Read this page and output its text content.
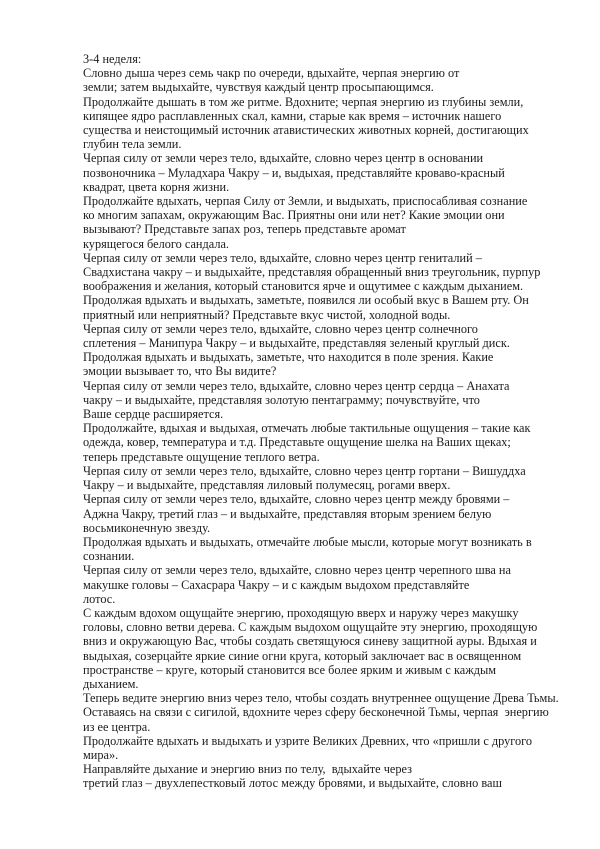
3-4 неделя:
Словно дыша через семь чакр по очереди, вдыхайте, черпая энергию от
земли; затем выдыхайте, чувствуя каждый центр просыпающимся.
Продолжайте дышать в том же ритме. Вдохните; черпая энергию из глубины земли,
кипящее ядро расплавленных скал, камни, старые как время – источник нашего
существа и неистощимый источник атавистических животных корней, достигающих
глубин тела земли.
Черпая силу от земли через тело, вдыхайте, словно через центр в основании
позвоночника – Муладхара Чакру – и, выдыхая, представляйте кроваво-красный
квадрат, цвета корня жизни.
Продолжайте вдыхать, черпая Силу от Земли, и выдыхать, приспосабливая сознание
ко многим запахам, окружающим Вас. Приятны они или нет? Какие эмоции они
вызывают? Представьте запах роз, теперь представьте аромат
курящегося белого сандала.
Черпая силу от земли через тело, вдыхайте, словно через центр гениталий –
Свадхистана чакру – и выдыхайте, представляя обращенный вниз треугольник, пурпур
воображения и желания, который становится ярче и ощутимее с каждым дыханием.
Продолжая вдыхать и выдыхать, заметьте, появился ли особый вкус в Вашем рту. Он
приятный или неприятный? Представьте вкус чистой, холодной воды.
Черпая силу от земли через тело, вдыхайте, словно через центр солнечного
сплетения – Манипура Чакру – и выдыхайте, представляя зеленый круглый диск.
Продолжая вдыхать и выдыхать, заметьте, что находится в поле зрения. Какие
эмоции вызывает то, что Вы видите?
Черпая силу от земли через тело, вдыхайте, словно через центр сердца – Анахата
чакру – и выдыхайте, представляя золотую пентаграмму; почувствуйте, что
Ваше сердце расширяется.
Продолжайте, вдыхая и выдыхая, отмечать любые тактильные ощущения – такие как
одежда, ковер, температура и т.д. Представьте ощущение шелка на Ваших щеках;
теперь представьте ощущение теплого ветра.
Черпая силу от земли через тело, вдыхайте, словно через центр гортани – Вишуддха
Чакру – и выдыхайте, представляя лиловый полумесяц, рогами вверх.
Черпая силу от земли через тело, вдыхайте, словно через центр между бровями –
Аджна Чакру, третий глаз – и выдыхайте, представляя вторым зрением белую
восьмиконечную звезду.
Продолжая вдыхать и выдыхать, отмечайте любые мысли, которые могут возникать в
сознании.
Черпая силу от земли через тело, вдыхайте, словно через центр черепного шва на
макушке головы – Сахасрара Чакру – и с каждым выдохом представляйте
лотос.
С каждым вдохом ощущайте энергию, проходящую вверх и наружу через макушку
головы, словно ветви дерева. С каждым выдохом ощущайте эту энергию, проходящую
вниз и окружающую Вас, чтобы создать светящуюся синеву защитной ауры. Вдыхая и
выдыхая, созерцайте яркие синие огни круга, который заключает вас в освященном
пространстве – круге, который становится все более ярким и живым с каждым
дыханием.
Теперь ведите энергию вниз через тело, чтобы создать внутреннее ощущение Древа Тьмы.
Оставаясь на связи с сигилой, вдохните через сферу бесконечной Тьмы, черпая  энергию
из ее центра.
Продолжайте вдыхать и выдыхать и узрите Великих Древних, что «пришли с другого
мира».
Направляйте дыхание и энергию вниз по телу,  вдыхайте через
третий глаз – двухлепестковый лотос между бровями, и выдыхайте, словно ваш
